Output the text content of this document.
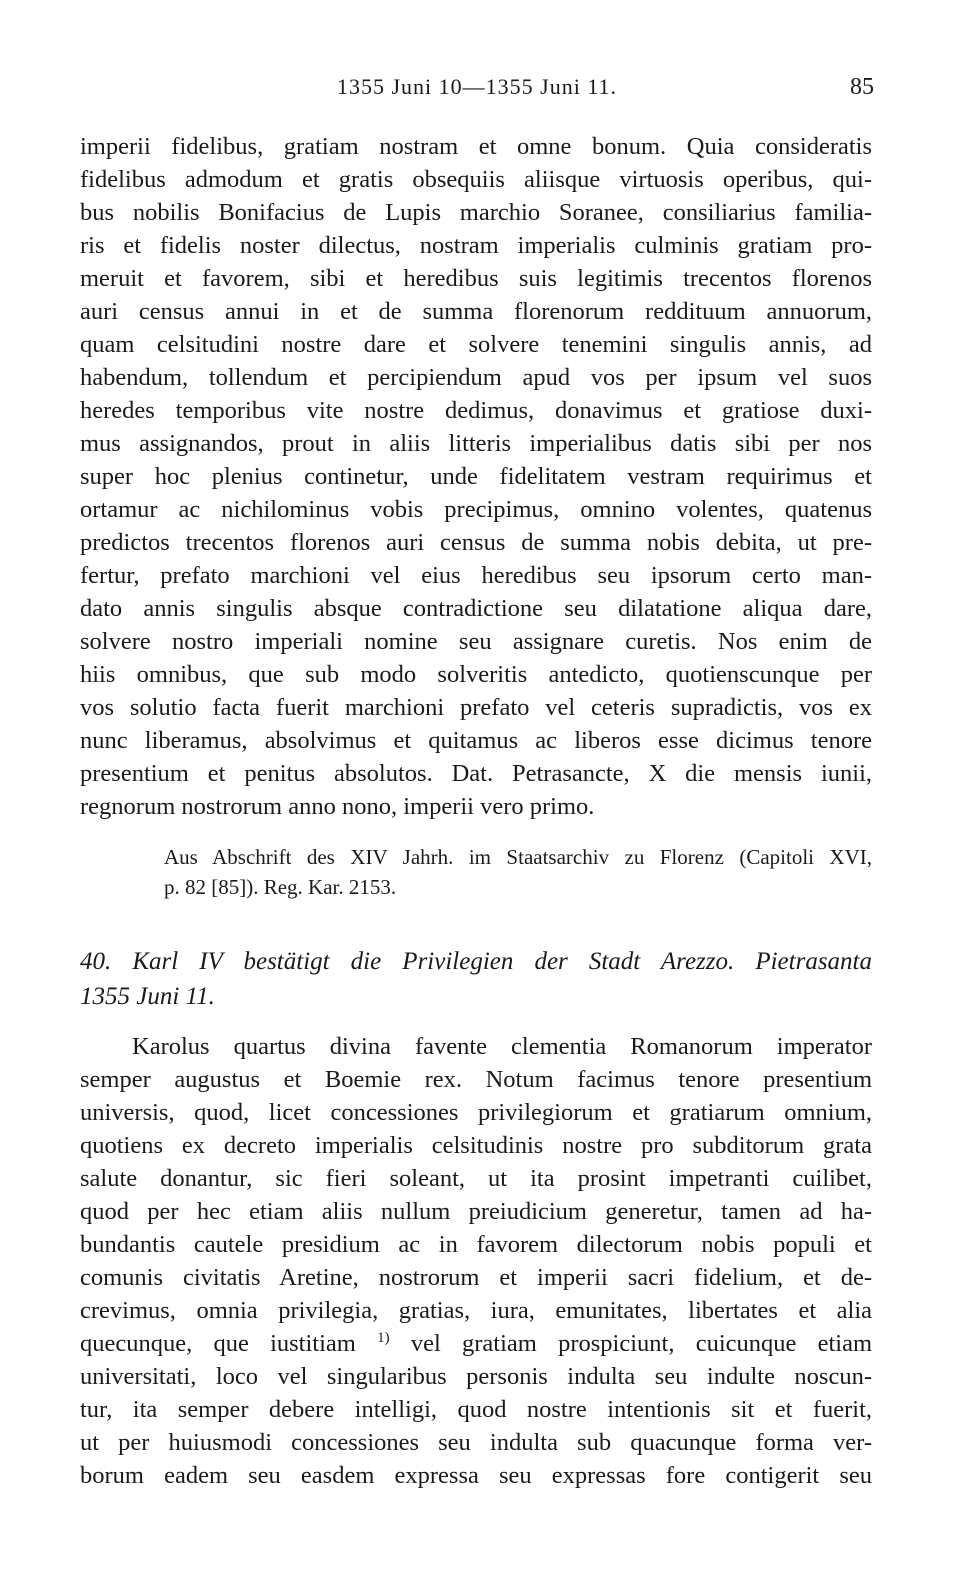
1355 Juni 10—1355 Juni 11.	85

imperii fidelibus, gratiam nostram et omne bonum. Quia consideratis

fidelibus admodum et gratis obsequiis aliisque virtuosis operibus, qui-

bus nobilis Bonifacius de Lupis marchio Soranee, consiliarius familia-

ris et fidelis noster dilectus, nostram imperialis culminis gratiam pro-

meruit et favorem, sibi et heredibus suis legitimis trecentos florenos

auri census annui in et de summa florenorum reddituum annuorum,

quam celsitudini nostre dare et solvere tenemini singulis annis, ad

habendum, tollendum et percipiendum apud vos per ipsum vel suos

heredes temporibus vite nostre dedimus, donavimus et gratiose duxi-

mus assignandos, prout in aliis litteris imperialibus datis sibi per nos

super hoc plenius continetur, unde fidelitatem vestram requirimus et

ortamur ac nichilominus vobis precipimus, omnino volentes, quatenus

predictos trecentos florenos auri census de summa nobis debita, ut pre-

fertur, prefato marchioni vel eius heredibus seu ipsorum certo man-

dato annis singulis absque contradictione seu dilatatione aliqua dare,

solvere nostro imperiali nomine seu assignare curetis. Nos enim de

hiis omnibus, que sub modo solveritis antedicto, quotienscunque per

vos solutio facta fuerit marchioni prefato vel ceteris supradictis, vos ex

nunc liberamus, absolvimus et quitamus ac liberos esse dicimus tenore

presentium et penitus absolutos. Dat. Petrasancte, X die mensis iunii,

regnorum nostrorum anno nono, imperii vero primo.

Aus Abschrift des XIV Jahrh. im Staatsarchiv zu Florenz (Capitoli XVI,

p. 82 [85]). Reg. Kar. 2153.

40. Karl IV bestätigt die Privilegien der Stadt Arezzo. Pietrasanta

1355 Juni 11.

Karolus quartus divina favente clementia Romanorum imperator

semper augustus et Boemie rex. Notum facimus tenore presentium

universis, quod, licet concessiones privilegiorum et gratiarum omnium,

quotiens ex decreto imperialis celsitudinis nostre pro subditorum grata

salute donantur, sic fieri soleant, ut ita prosint impetranti cuilibet,

quod per hec etiam aliis nullum preiudicium generetur, tamen ad ha-

bundantis cautele presidium ac in favorem dilectorum nobis populi et

comunis civitatis Aretine, nostrorum et imperii sacri fidelium, et de-

crevimus, omnia privilegia, gratias, iura, emunitates, libertates et alia

quecunque, que iustitiam $^{1)}$ vel gratiam prospiciunt, cuicunque etiam

universitati, loco vel singularibus personis indulta seu indulte noscun-

tur, ita semper debere intelligi, quod nostre intentionis sit et fuerit,

ut per huiusmodi concessiones seu indulta sub quacunque forma ver-

borum eadem seu easdem expressa seu expressas fore contigerit seu
